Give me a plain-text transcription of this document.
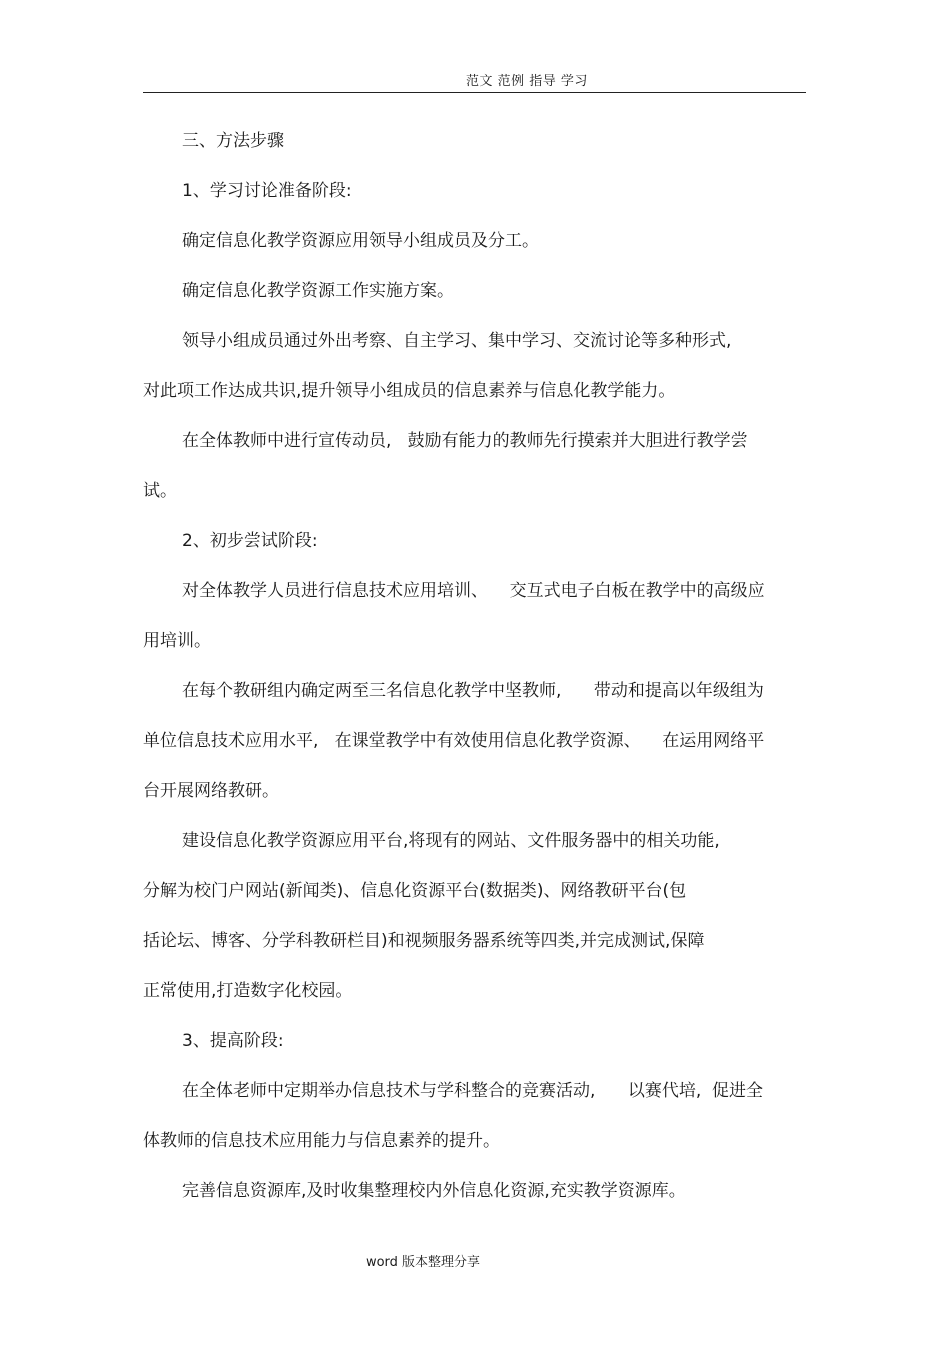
范文 范例 指导 学习
三、方法步骤
1、学习讨论准备阶段:
确定信息化教学资源应用领导小组成员及分工。
确定信息化教学资源工作实施方案。
领导小组成员通过外出考察、自主学习、集中学习、交流讨论等多种形式,
对此项工作达成共识,提升领导小组成员的信息素养与信息化教学能力。
在全体教师中进行宣传动员,   鼓励有能力的教师先行摸索并大胆进行教学尝
试。
2、初步尝试阶段:
对全体教学人员进行信息技术应用培训、    交互式电子白板在教学中的高级应
用培训。
在每个教研组内确定两至三名信息化教学中坚教师,      带动和提高以年级组为
单位信息技术应用水平,   在课堂教学中有效使用信息化教学资源、    在运用网络平
台开展网络教研。
建设信息化教学资源应用平台,将现有的网站、文件服务器中的相关功能,
分解为校门户网站(新闻类)、信息化资源平台(数据类)、网络教研平台(包
括论坛、博客、分学科教研栏目)和视频服务器系统等四类,并完成测试,保障
正常使用,打造数字化校园。
3、提高阶段:
在全体老师中定期举办信息技术与学科整合的竞赛活动,      以赛代培,  促进全
体教师的信息技术应用能力与信息素养的提升。
完善信息资源库,及时收集整理校内外信息化资源,充实教学资源库。
word 版本整理分享
